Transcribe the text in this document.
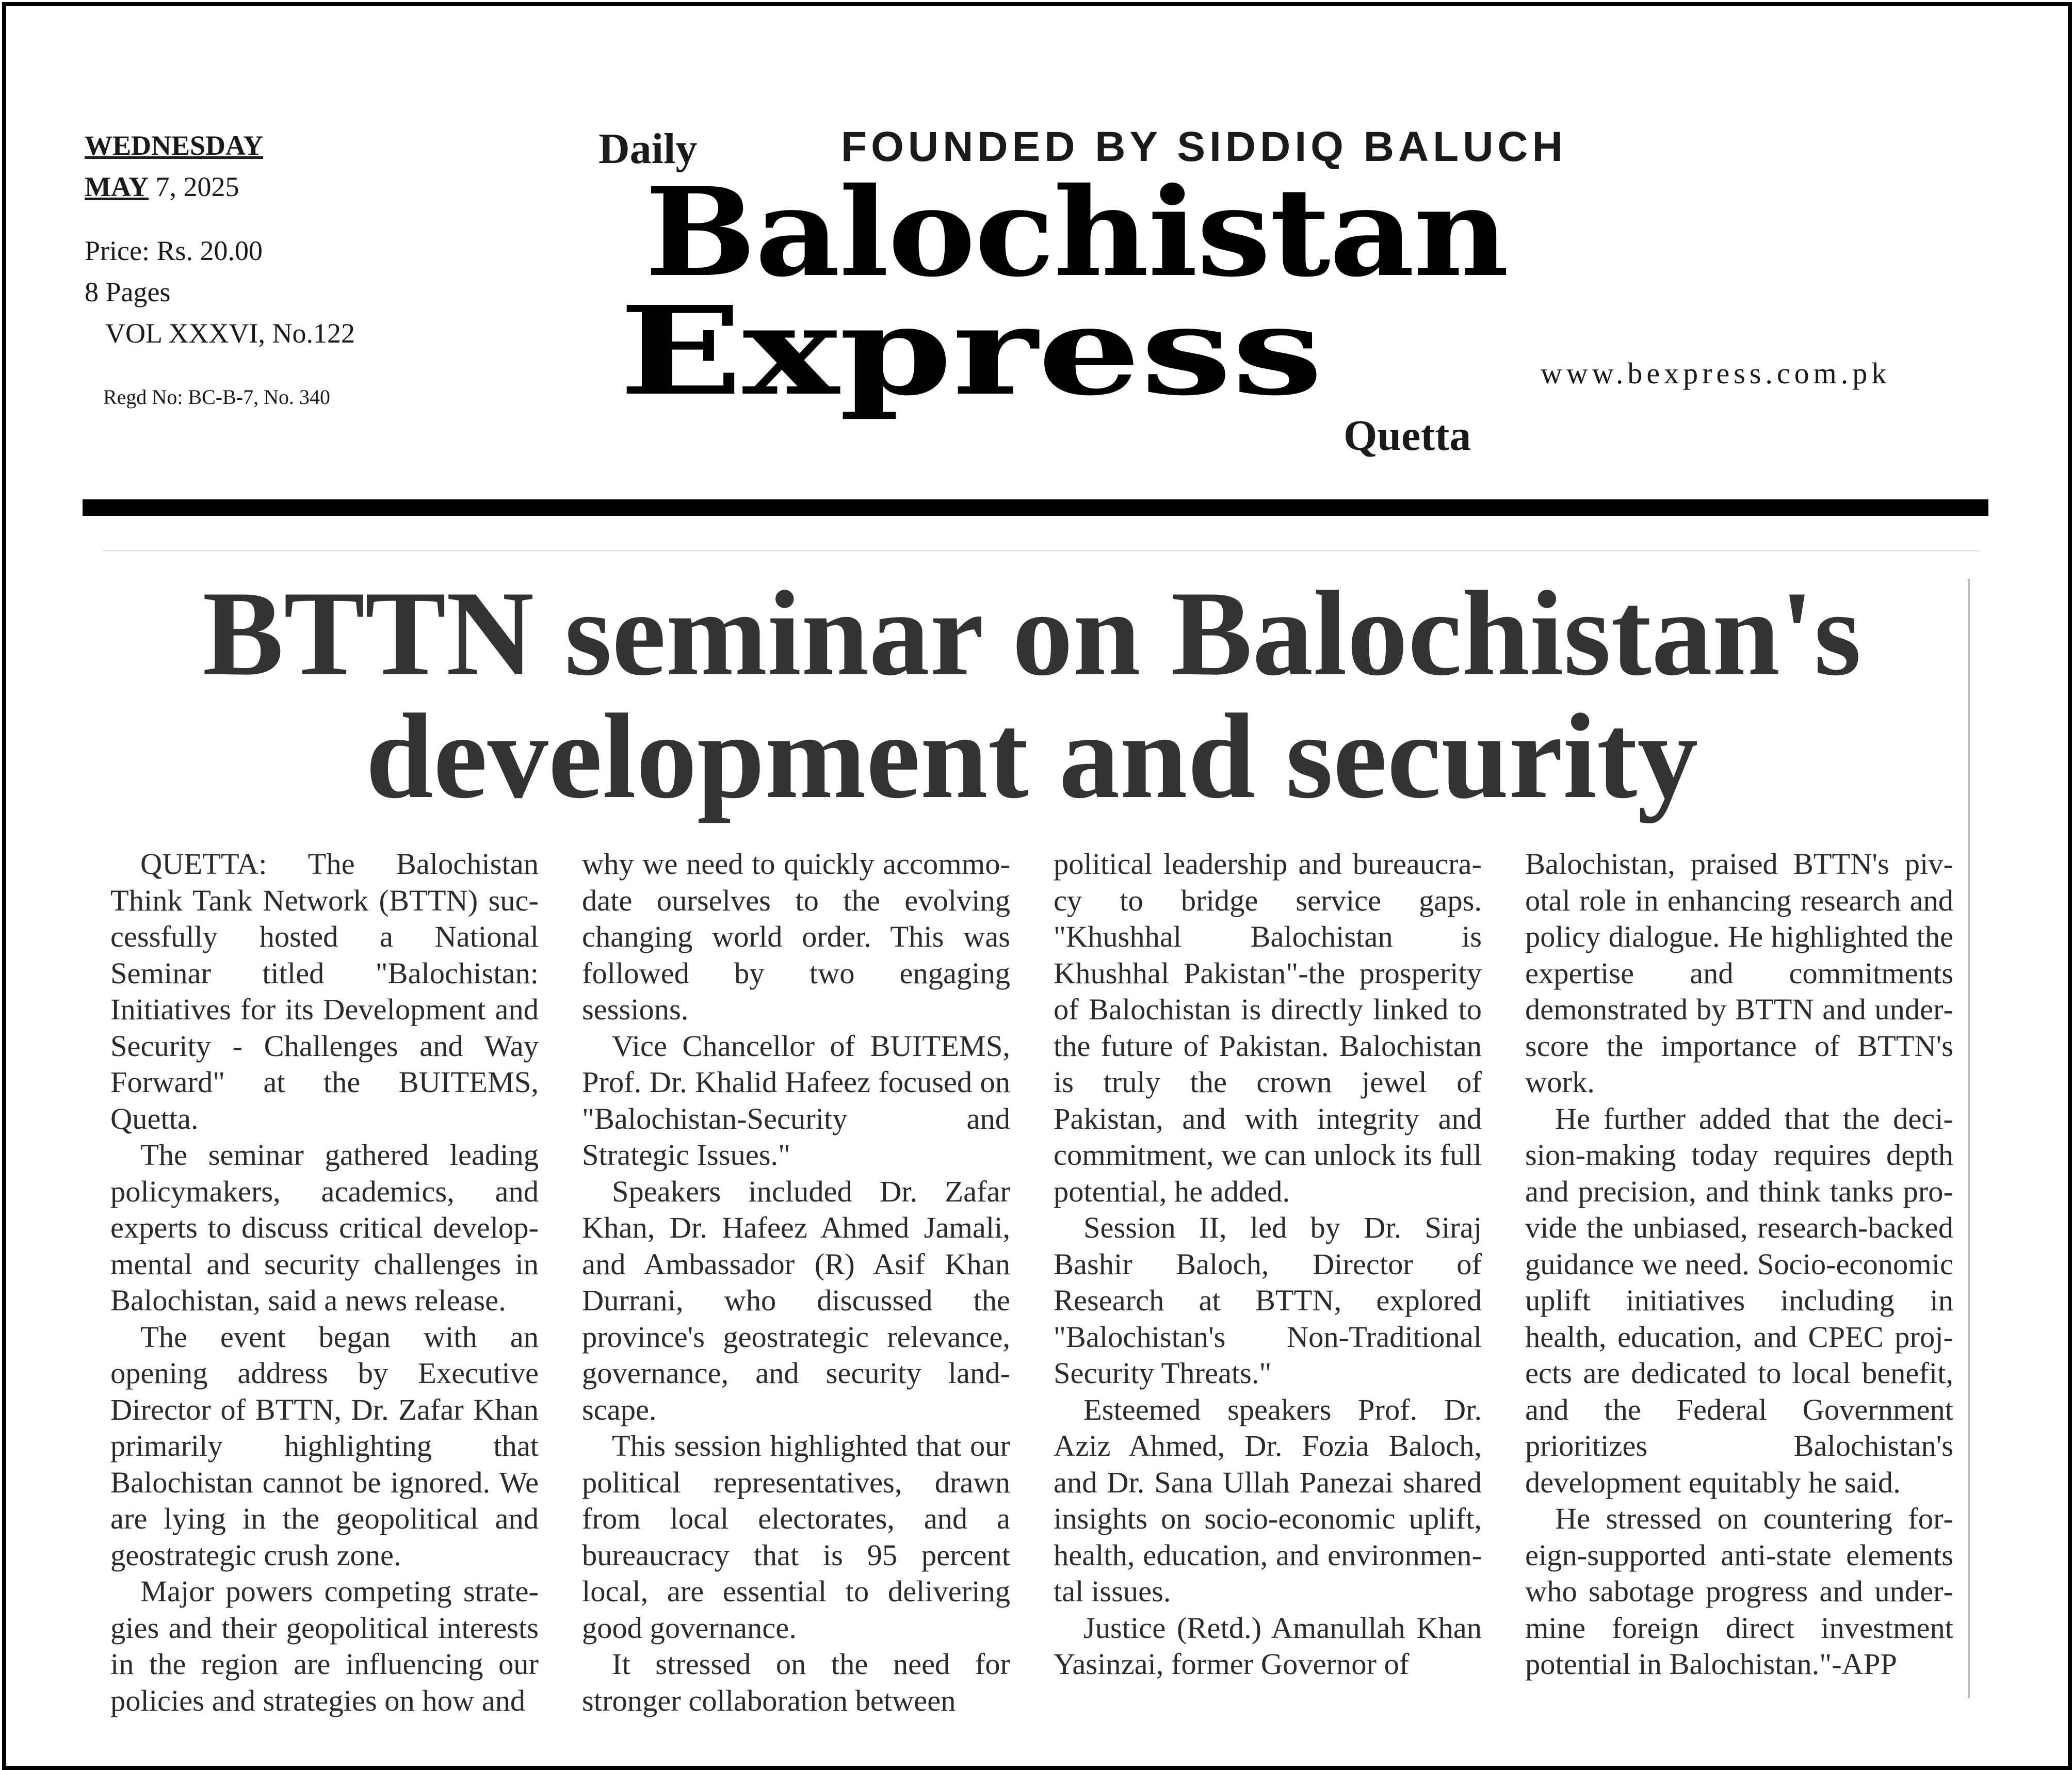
WEDNESDAY
MAY 7, 2025
Price: Rs. 20.00
8 Pages
VOL XXXVI, No.122
Regd No: BC-B-7, No. 340
Daily	FOUNDED BY SIDDIQ BALUCH
Balochistan
Express
Quetta
www.bexpress.com.pk
BTTN seminar on Balochistan's development and security

QUETTA: The Balochistan Think Tank Network (BTTN) successfully hosted a National Seminar titled "Balochistan: Initiatives for its Development and Security - Challenges and Way Forward" at the BUITEMS, Quetta.

The seminar gathered leading policymakers, academics, and experts to discuss critical developmental and security challenges in Balochistan, said a news release.

The event began with an opening address by Executive Director of BTTN, Dr. Zafar Khan primarily highlighting that Balochistan cannot be ignored. We are lying in the geopolitical and geostrategic crush zone.

Major powers competing strategies and their geopolitical interests in the region are influencing our policies and strategies on how and

why we need to quickly accommodate ourselves to the evolving changing world order. This was followed by two engaging sessions.

Vice Chancellor of BUITEMS, Prof. Dr. Khalid Hafeez focused on "Balochistan-Security and Strategic Issues."

Speakers included Dr. Zafar Khan, Dr. Hafeez Ahmed Jamali, and Ambassador (R) Asif Khan Durrani, who discussed the province's geostrategic relevance, governance, and security landscape.

This session highlighted that our political representatives, drawn from local electorates, and a bureaucracy that is 95 percent local, are essential to delivering good governance.

It stressed on the need for stronger collaboration between

political leadership and bureaucracy to bridge service gaps. "Khushhal Balochistan is Khushhal Pakistan"-the prosperity of Balochistan is directly linked to the future of Pakistan. Balochistan is truly the crown jewel of Pakistan, and with integrity and commitment, we can unlock its full potential, he added.

Session II, led by Dr. Siraj Bashir Baloch, Director of Research at BTTN, explored "Balochistan's Non-Traditional Security Threats."

Esteemed speakers Prof. Dr. Aziz Ahmed, Dr. Fozia Baloch, and Dr. Sana Ullah Panezai shared insights on socio-economic uplift, health, education, and environmental issues.

Justice (Retd.) Amanullah Khan Yasinzai, former Governor of

Balochistan, praised BTTN's pivotal role in enhancing research and policy dialogue. He highlighted the expertise and commitments demonstrated by BTTN and underscore the importance of BTTN's work.

He further added that the decision-making today requires depth and precision, and think tanks provide the unbiased, research-backed guidance we need. Socio-economic uplift initiatives including in health, education, and CPEC projects are dedicated to local benefit, and the Federal Government prioritizes Balochistan's development equitably he said.

He stressed on countering foreign-supported anti-state elements who sabotage progress and undermine foreign direct investment potential in Balochistan."-APP
